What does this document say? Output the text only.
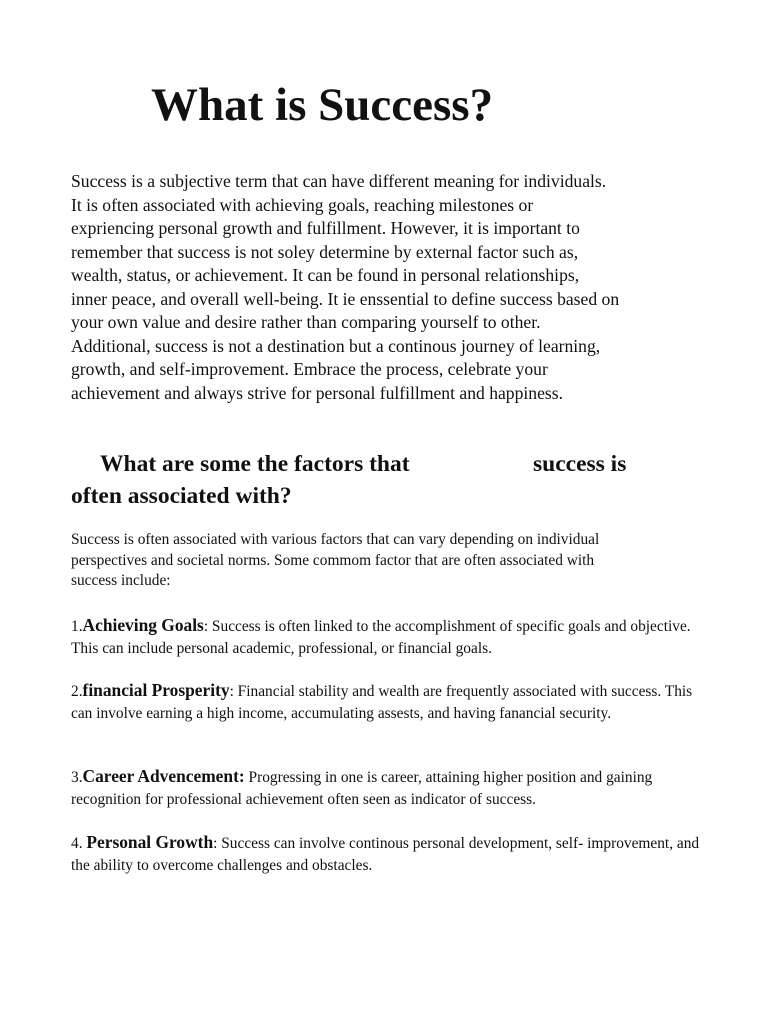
What is Success?
Success is a subjective term that can have different meaning for individuals.
It is often associated with achieving goals, reaching milestones or
expriencing personal growth and fulfillment. However, it is important to
remember that success is not soley determine by external factor such as,
wealth, status, or achievement. It can be found in personal relationships,
inner peace, and overall well-being. It ie enssential to define success based on
your own value and desire rather than comparing yourself to other.
Additional, success is not a destination but a continous journey of learning,
growth, and self-improvement. Embrace the process, celebrate your
achievement and always strive for personal fulfillment and happiness.
What are some the factors that	success is
often associated with?
Success is often associated with various factors that can vary depending on individual
perspectives and societal norms. Some commom factor that are often associated with
success include:
1.Achieving Goals: Success is often linked to the accomplishment of specific goals and objective. This can include personal academic, professional, or financial goals.
2.financial Prosperity: Financial stability and wealth are frequently associated with success. This can involve earning a high income, accumulating assests, and having fanancial security.
3.Career Advencement: Progressing in one is career, attaining higher position and gaining recognition for professional achievement often seen as indicator of success.
4. Personal Growth: Success can involve continous personal development, self- improvement, and the ability to overcome challenges and obstacles.
